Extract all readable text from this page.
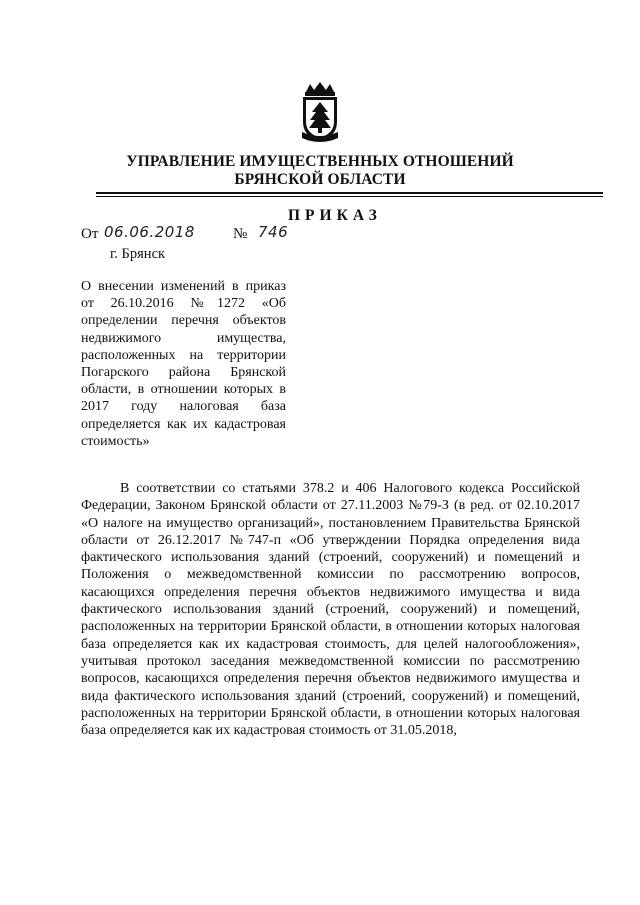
УПРАВЛЕНИЕ ИМУЩЕСТВЕННЫХ ОТНОШЕНИЙ
БРЯНСКОЙ ОБЛАСТИ
ПРИКАЗ
От 06.06.2018	№ 746
г. Брянск
О внесении изменений в приказ от 26.10.2016 №1272 «Об определении перечня объектов недвижимого имущества, расположенных на территории Погарского района Брянской области, в отношении которых в 2017 году налоговая база определяется как их кадастровая стоимость»
В соответствии со статьями 378.2 и 406 Налогового кодекса Российской Федерации, Законом Брянской области от 27.11.2003 №79-З (в ред. от 02.10.2017 «О налоге на имущество организаций», постановлением Правительства Брянской области от 26.12.2017 №747-п «Об утверждении Порядка определения вида фактического использования зданий (строений, сооружений) и помещений и Положения о межведомственной комиссии по рассмотрению вопросов, касающихся определения перечня объектов недвижимого имущества и вида фактического использования зданий (строений, сооружений) и помещений, расположенных на территории Брянской области, в отношении которых налоговая база определяется как их кадастровая стоимость, для целей налогообложения», учитывая протокол заседания межведомственной комиссии по рассмотрению вопросов, касающихся определения перечня объектов недвижимого имущества и вида фактического использования зданий (строений, сооружений) и помещений, расположенных на территории Брянской области, в отношении которых налоговая база определяется как их кадастровая стоимость от 31.05.2018,
